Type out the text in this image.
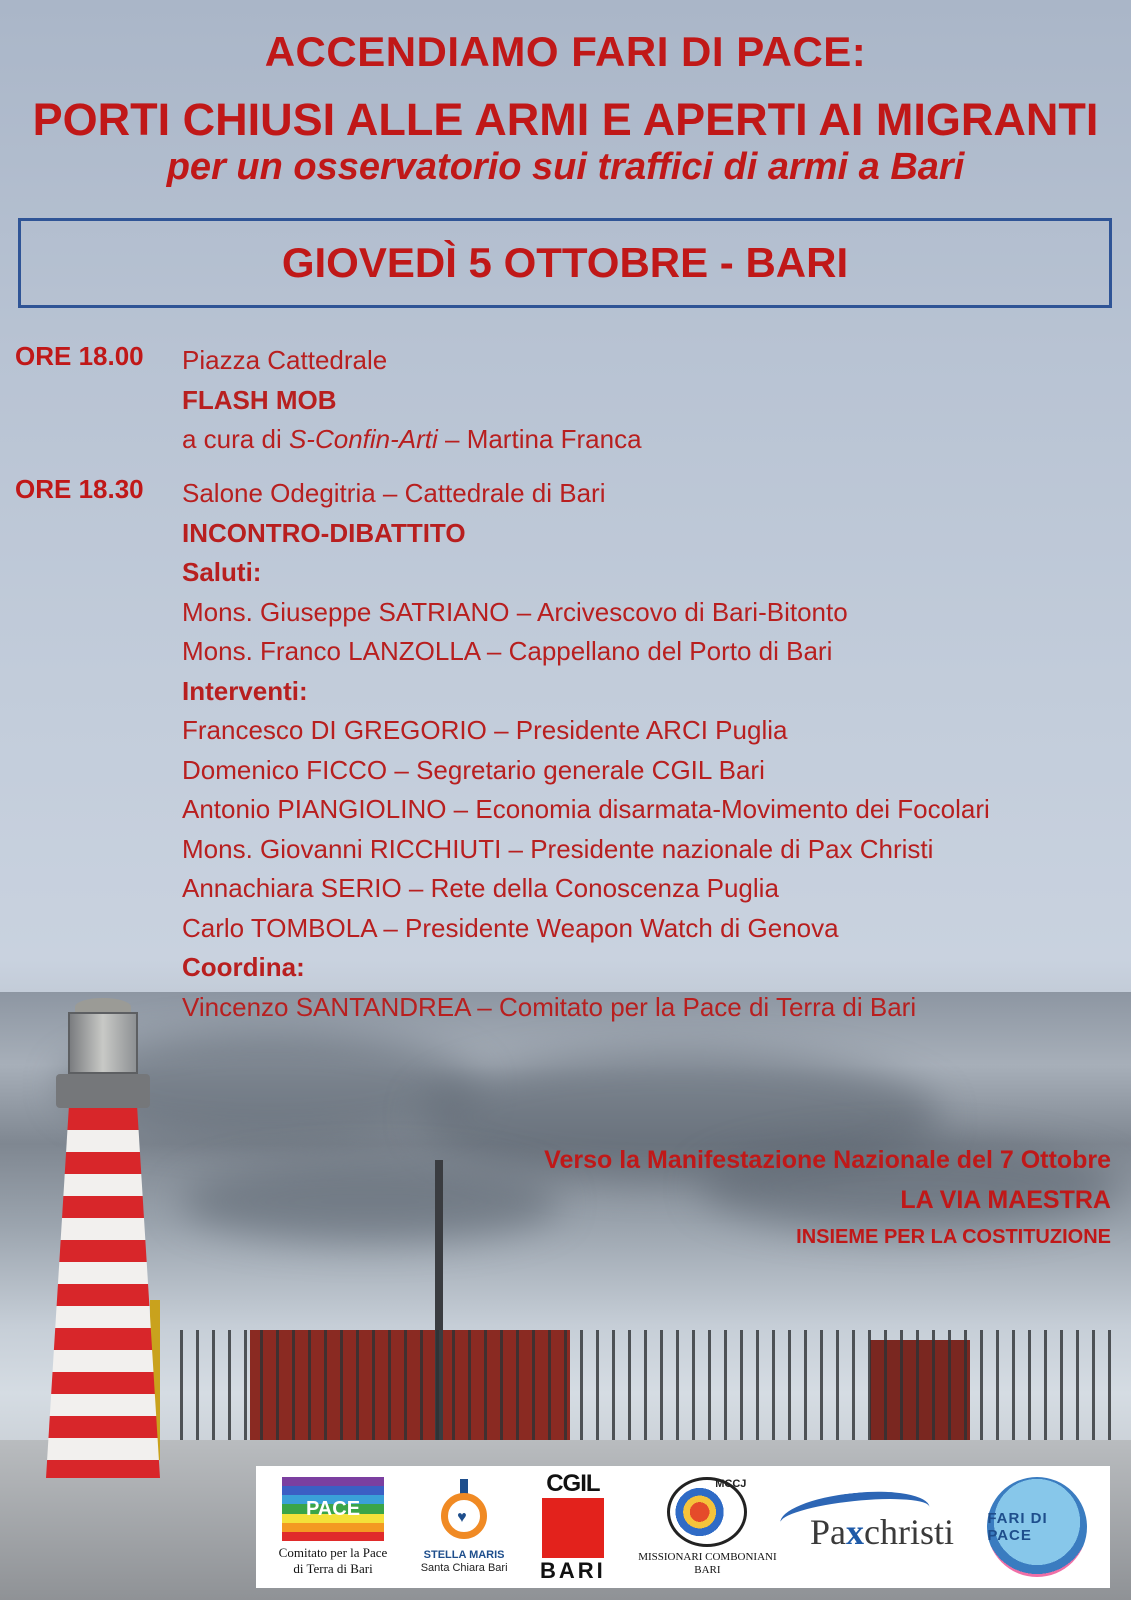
ACCENDIAMO FARI DI PACE:
PORTI CHIUSI ALLE ARMI E APERTI AI MIGRANTI
per un osservatorio sui traffici di armi a Bari
GIOVEDÌ 5 OTTOBRE - BARI
ORE 18.00 Piazza Cattedrale
FLASH MOB
a cura di S-Confin-Arti – Martina Franca
ORE 18.30 Salone Odegitria – Cattedrale di Bari
INCONTRO-DIBATTITO
Saluti:
Mons. Giuseppe SATRIANO – Arcivescovo di Bari-Bitonto
Mons. Franco LANZOLLA – Cappellano del Porto di Bari
Interventi:
Francesco DI GREGORIO – Presidente ARCI Puglia
Domenico FICCO – Segretario generale CGIL Bari
Antonio PIANGIOLINO – Economia disarmata-Movimento dei Focolari
Mons. Giovanni RICCHIUTI – Presidente nazionale di Pax Christi
Annachiara SERIO – Rete della Conoscenza Puglia
Carlo TOMBOLA – Presidente Weapon Watch di Genova
Coordina:
Vincenzo SANTANDREA – Comitato per la Pace di Terra di Bari
Verso la Manifestazione Nazionale del 7 Ottobre
LA VIA MAESTRA
INSIEME PER LA COSTITUZIONE
PACE
Comitato per la Pace
di Terra di Bari
♥
STELLA MARIS
Santa Chiara Bari
CGIL
BARI
MCCJ
MISSIONARI COMBONIANI
BARI
Paxchristi FARI DI PACE
